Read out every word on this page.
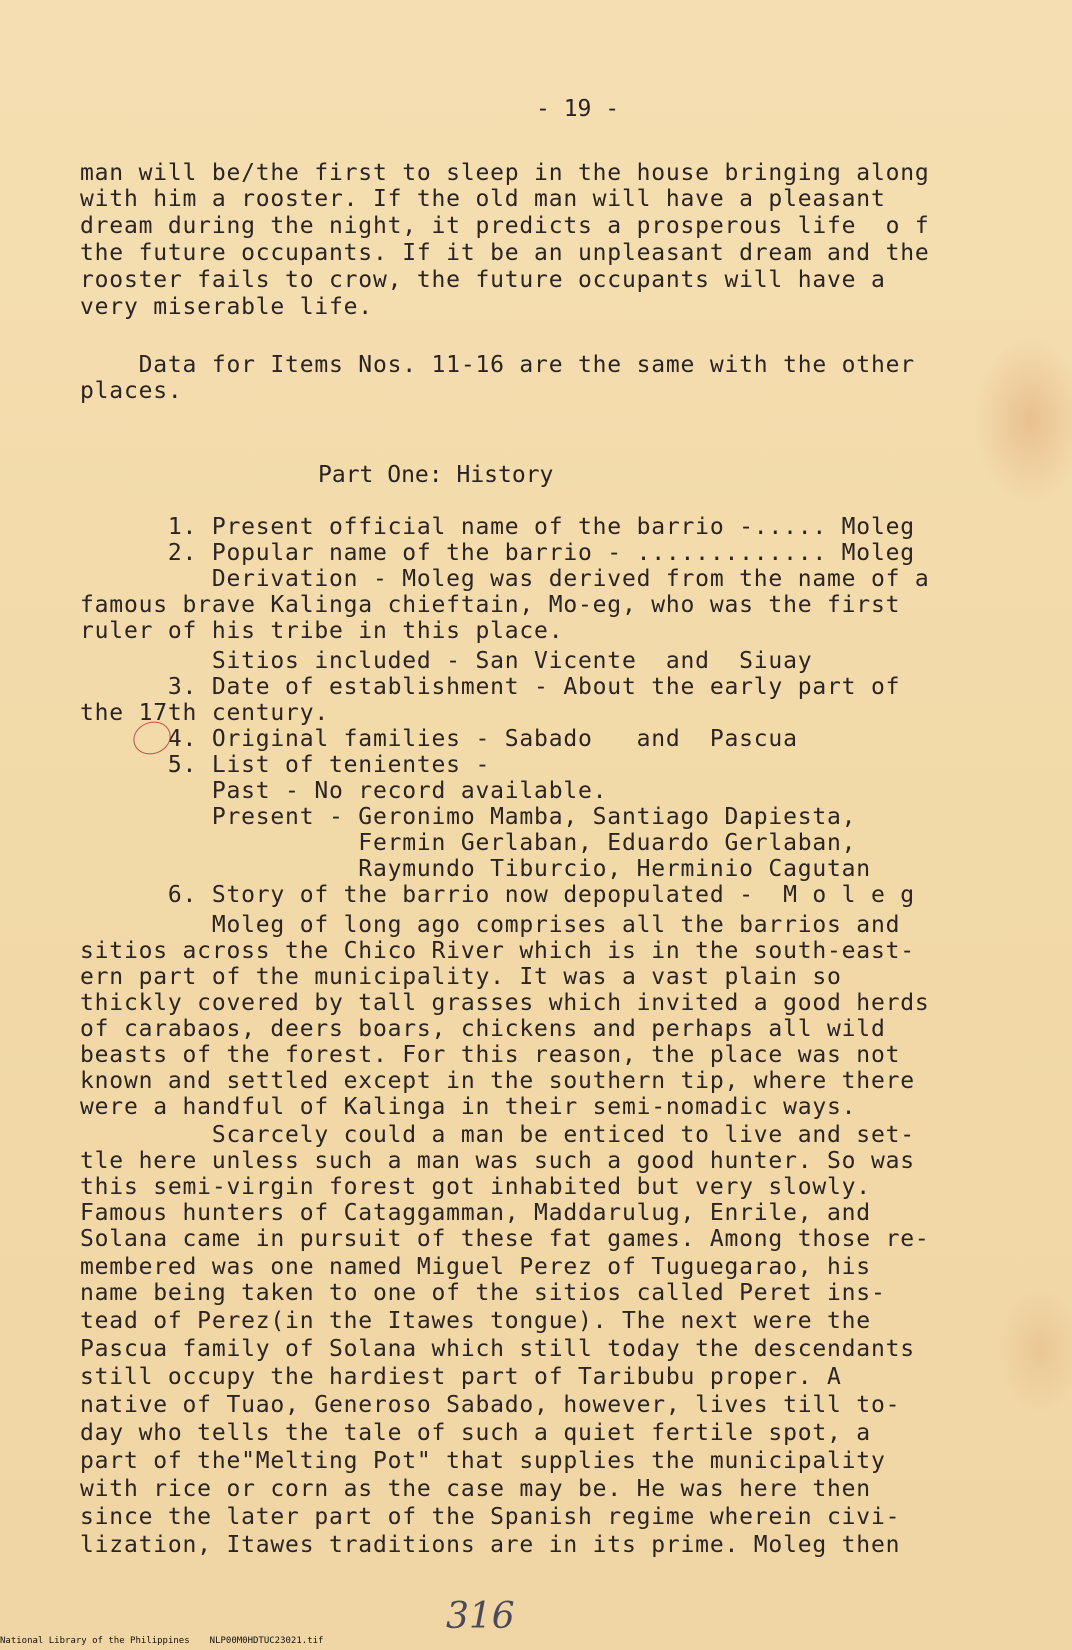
- 19 -
man will be/the first to sleep in the house bringing along
with him a rooster. If the old man will have a pleasant
dream during the night, it predicts a prosperous life  o f
the future occupants. If it be an unpleasant dream and the
rooster fails to crow, the future occupants will have a
very miserable life.
Data for Items Nos. 11-16 are the same with the other
places.
Part One: History
1. Present official name of the barrio -..... Moleg
2. Popular name of the barrio - ............. Moleg
Derivation - Moleg was derived from the name of a
famous brave Kalinga chieftain, Mo-eg, who was the first
ruler of his tribe in this place.
Sitios included - San Vicente  and  Siuay
3. Date of establishment - About the early part of
the 17th century.
4. Original families - Sabado   and  Pascua
5. List of tenientes -
Past - No record available.
Present - Geronimo Mamba, Santiago Dapiesta,
Fermin Gerlaban, Eduardo Gerlaban,
Raymundo Tiburcio, Herminio Cagutan
6. Story of the barrio now depopulated -  M o l e g
Moleg of long ago comprises all the barrios and
sitios across the Chico River which is in the south-east-
ern part of the municipality. It was a vast plain so
thickly covered by tall grasses which invited a good herds
of carabaos, deers boars, chickens and perhaps all wild
beasts of the forest. For this reason, the place was not
known and settled except in the southern tip, where there
were a handful of Kalinga in their semi-nomadic ways.
Scarcely could a man be enticed to live and set-
tle here unless such a man was such a good hunter. So was
this semi-virgin forest got inhabited but very slowly.
Famous hunters of Cataggamman, Maddarulug, Enrile, and
Solana came in pursuit of these fat games. Among those re-
membered was one named Miguel Perez of Tuguegarao, his
name being taken to one of the sitios called Peret ins-
tead of Perez(in the Itawes tongue). The next were the
Pascua family of Solana which still today the descendants
still occupy the hardiest part of Taribubu proper. A
native of Tuao, Generoso Sabado, however, lives till to-
day who tells the tale of such a quiet fertile spot, a
part of the"Melting Pot" that supplies the municipality
with rice or corn as the case may be. He was here then
since the later part of the Spanish regime wherein civi-
lization, Itawes traditions are in its prime. Moleg then
316
National Library of the Philippines NLP00M0HDTUC23021.tif
